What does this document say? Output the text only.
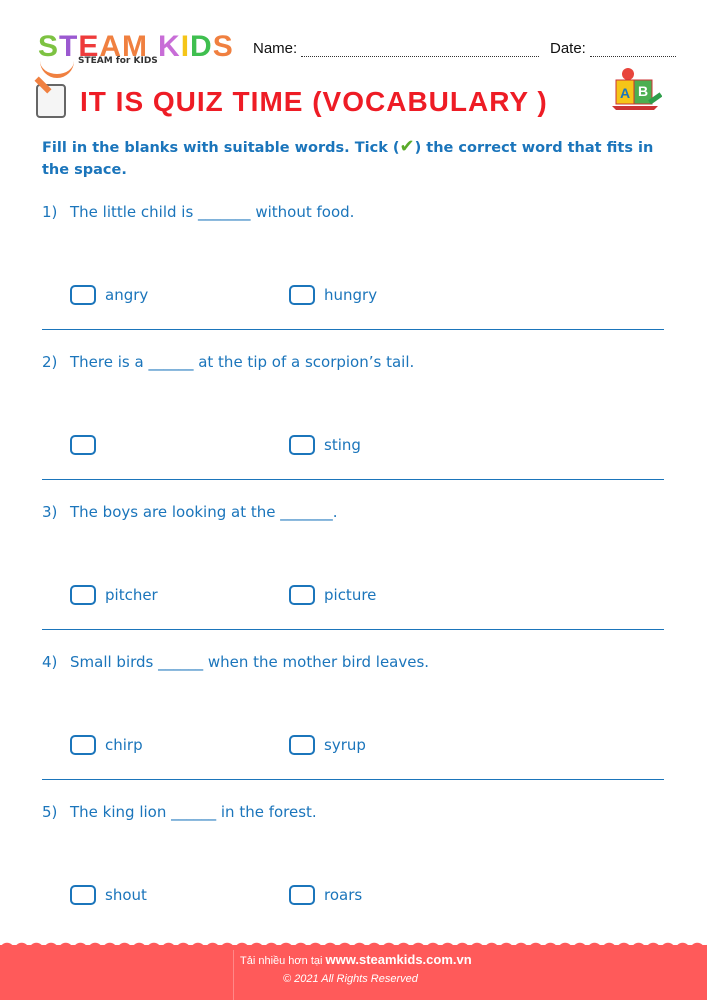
STEAM KIDS
STEAM for KIDS
Name:	Date:
IT IS QUIZ TIME (VOCABULARY )	A B
Fill in the blanks with suitable words. Tick (✔) the correct word that fits in the space.
1) The little child is _______ without food.
angry	hungry
2) There is a ______ at the tip of a scorpion’s tail.
sting
3) The boys are looking at the _______.
pitcher	picture
4) Small birds ______ when the mother bird leaves.
chirp	syrup
5) The king lion ______ in the forest.
shout	roars
Tải nhiều hơn tại www.steamkids.com.vn
© 2021 All Rights Reserved
